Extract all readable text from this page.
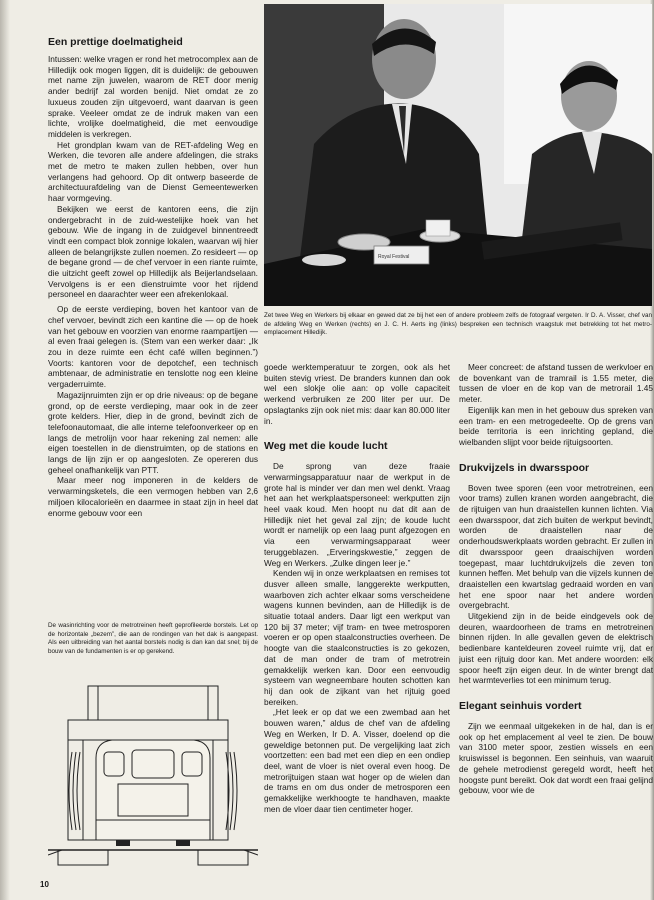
Een prettige doelmatigheid

Intussen: welke vragen er rond het metrocomplex aan de Hilledijk ook mogen liggen, dit is duidelijk: de gebouwen met name zijn juwelen, waarom de RET door menig ander bedrijf zal worden benijd. Niet omdat ze zo luxueus zouden zijn uitgevoerd, want daarvan is geen sprake. Veeleer omdat ze de indruk maken van een lichte, vrolijke doelmatigheid, die met eenvoudige middelen is verkregen.

Het grondplan kwam van de RET-afdeling Weg en Werken, die tevoren alle andere afdelingen, die straks met de metro te maken zullen hebben, over hun verlangens had gehoord. Op dit ontwerp baseerde de architectuurafdeling van de Dienst Gemeentewerken haar vormgeving.

Bekijken we eerst de kantoren eens, die zijn ondergebracht in de zuid-westelijke hoek van het gebouw. Wie de ingang in de zuidgevel binnentreedt vindt een compact blok zonnige lokalen, waarvan wij hier alleen de belangrijkste zullen noemen. Zo resideert — op de begane grond — de chef vervoer in een riante ruimte, die uitzicht geeft zowel op Hilledijk als Beijerlandselaan. Vervolgens is er een dienstruimte voor het rijdend personeel en daarachter weer een afrekenlokaal.

Op de eerste verdieping, boven het kantoor van de chef vervoer, bevindt zich een kantine die — op de hoek van het gebouw en voorzien van enorme raampartijen — al even fraai gelegen is. (Stem van een werker daar: „Ik zou in deze ruimte een écht café willen beginnen.”) Voorts: kantoren voor de depotchef, een technisch ambtenaar, de administratie en tenslotte nog een kleine vergaderruimte.

Magazijnruimten zijn er op drie niveaus: op de begane grond, op de eerste verdieping, maar ook in de zeer grote kelders. Hier, diep in de grond, bevindt zich de telefoonautomaat, die alle interne telefoonverkeer op en langs de metrolijn voor haar rekening zal nemen: alle eigen toestellen in de dienstruimten, op de stations en langs de lijn zijn er op aangesloten. Ze opereren dus geheel onafhankelijk van PTT.

Maar meer nog imponeren in de kelders de verwarmingsketels, die een vermogen hebben van 2,6 miljoen kilocalorieën en daarmee in staat zijn in heel dat enorme gebouw voor een

Royal Festival
Zet twee Weg en Werkers bij elkaar en gewed dat ze bij het een of andere probleem zelfs de fotograaf vergeten. Ir D. A. Visser, chef van de afdeling Weg en Werken (rechts) en J. C. H. Aerts ing (links) bespreken een technisch vraagstuk met betrekking tot het metro-emplacement Hilledijk.

goede werktemperatuur te zorgen, ook als het buiten stevig vriest. De branders kunnen dan ook wel een slokje olie aan: op volle capaciteit werkend verbruiken ze 200 liter per uur. De opslagtanks zijn ook niet mis: daar kan 80.000 liter in.

Weg met die koude lucht

De sprong van deze fraaie verwarmingsapparatuur naar de werkput in de grote hal is minder ver dan men wel denkt. Vraag het aan het werkplaatspersoneel: werkputten zijn heel vaak koud. Men hoopt nu dat dit aan de Hilledijk niet het geval zal zijn; de koude lucht wordt er namelijk op een laag punt afgezogen en via een verwarmingsapparaat weer teruggeblazen. „Erveringskwestie,” zeggen de Weg en Werkers. „Zulke dingen leer je.”

Kenden wij in onze werkplaatsen en remises tot dusver alleen smalle, langgerekte werkputten, waarboven zich achter elkaar soms verscheidene wagens kunnen bevinden, aan de Hilledijk is de situatie totaal anders. Daar ligt een werkput van 120 bij 37 meter; vijf tram- en twee metrosporen voeren er op open staalconstructies overheen. De hoogte van die staalconstructies is zo gekozen, dat de man onder de tram of metrotrein gemakkelijk werken kan. Door een eenvoudig systeem van wegneembare houten schotten kan hij dan ook de zijkant van het rijtuig goed bereiken.

„Het leek er op dat we een zwembad aan het bouwen waren,” aldus de chef van de afdeling Weg en Werken, Ir D. A. Visser, doelend op die geweldige betonnen put. De vergelijking laat zich voortzetten: een bad met een diep en een ondiep deel, want de vloer is niet overal even hoog. De metrorijtuigen staan wat hoger op de wielen dan de trams en om dus onder de metrosporen een gemakkelijke werkhoogte te handhaven, maakte men de vloer daar tien centimeter hoger.

Meer concreet: de afstand tussen de werkvloer en de bovenkant van de tramrail is 1.55 meter, die tussen de vloer en de kop van de metrorail 1.45 meter.

Eigenlijk kan men in het gebouw dus spreken van een tram- en een metrogedeelte. Op de grens van beide territoria is een inrichting gepland, die wielbanden slijpt voor beide rijtuigsoorten.

Drukvijzels in dwarsspoor

Boven twee sporen (een voor metrotreinen, een voor trams) zullen kranen worden aangebracht, die de rijtuigen van hun draaistellen kunnen lichten. Via een dwarsspoor, dat zich buiten de werkput bevindt, worden de draaistellen naar de onderhoudswerkplaats worden gebracht. Er zullen in dit dwarsspoor geen draaischijven worden toegepast, maar luchtdrukvijzels die zeven ton kunnen heffen. Met behulp van die vijzels kunnen de draaistellen een kwartslag gedraaid worden en van het ene spoor naar het andere worden overgebracht.

Uitgekiend zijn in de beide eindgevels ook de deuren, waardoorheen de trams en metrotreinen binnen rijden. In alle gevallen geven de elektrisch bedienbare kanteldeuren zoveel ruimte vrij, dat er juist een rijtuig door kan. Met andere woorden: elk spoor heeft zijn eigen deur. In de winter brengt dat het warmteverlies tot een minimum terug.

Elegant seinhuis vordert

Zijn we eenmaal uitgekeken in de hal, dan is er ook op het emplacement al veel te zien. De bouw van 3100 meter spoor, zestien wissels en een kruiswissel is begonnen. Een seinhuis, van waaruit de gehele metrodienst geregeld wordt, heeft het hoogste punt bereikt. Ook dat wordt een fraai gelijnd gebouw, voor wie de

De wasinrichting voor de metrotreinen heeft geprofileerde borstels. Let op de horizontale „bezem”, die aan de rondingen van het dak is aangepast. Als een uitbreiding van het aantal borstels nodig is dan kan dat snel; bij de bouw van de fundamenten is er op gerekend.
10
